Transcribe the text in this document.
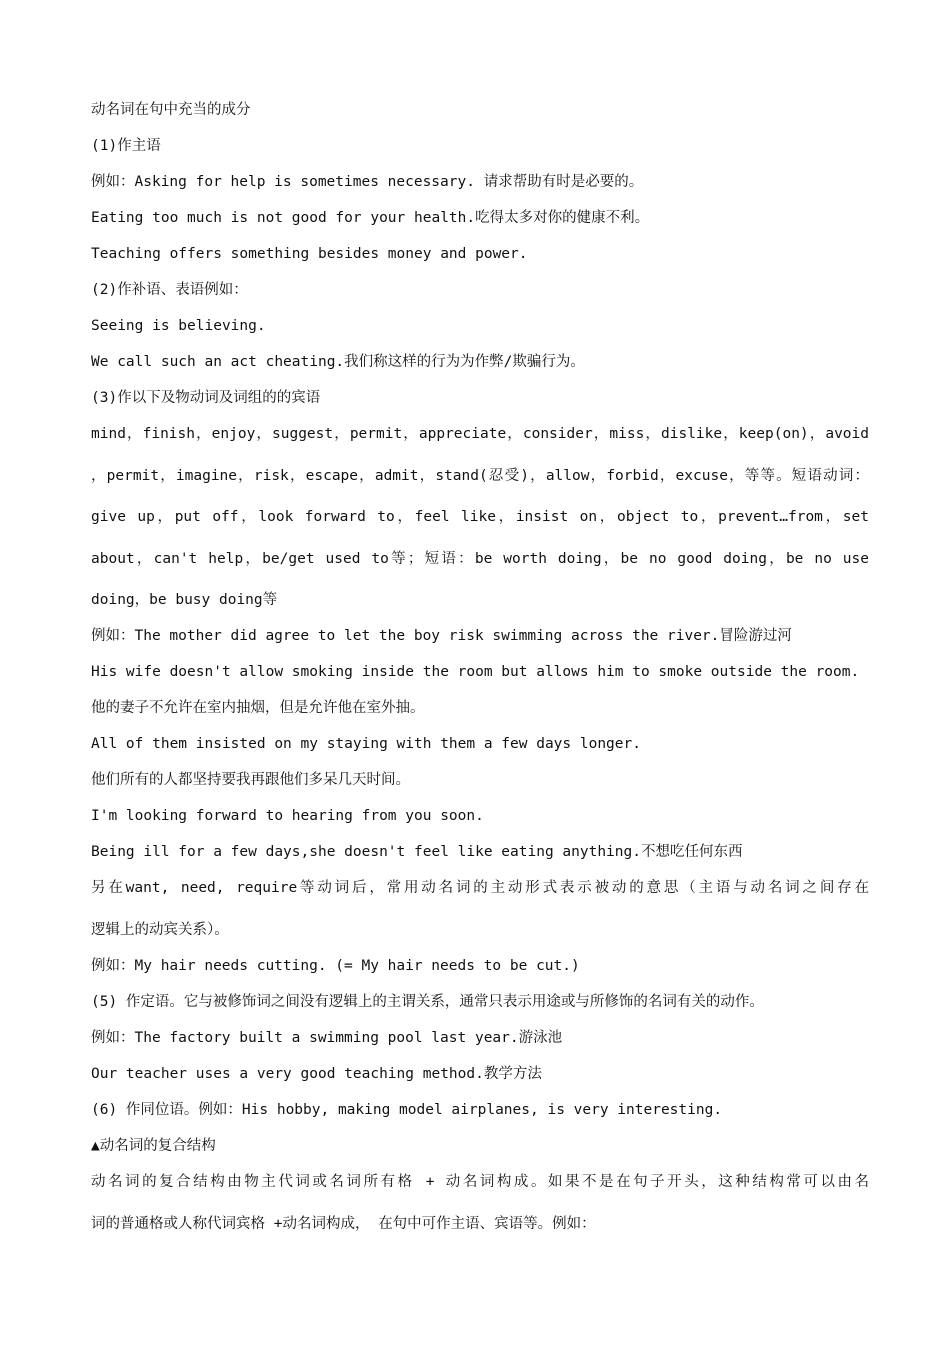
动名词在句中充当的成分
(1)作主语
例如：Asking for help is sometimes necessary. 请求帮助有时是必要的。
Eating too much is not good for your health.吃得太多对你的健康不利。
Teaching offers something besides money and power.
(2)作补语、表语例如：
Seeing is believing.
We call such an act cheating.我们称这样的行为为作弊/欺骗行为。
(3)作以下及物动词及词组的的宾语
mind，finish，enjoy，suggest，permit，appreciate，consider，miss，dislike，keep(on)，avoid
，permit，imagine，risk，escape，admit，stand(忍受)，allow，forbid，excuse，等等。短语动词：
give up，put off，look forward to，feel like，insist on，object to，prevent…from，set
about，can't help，be/get used to等；短语：be worth doing，be no good doing，be no use
doing，be busy doing等
例如：The mother did agree to let the boy risk swimming across the river.冒险游过河
His wife doesn't allow smoking inside the room but allows him to smoke outside the room.
他的妻子不允许在室内抽烟，但是允许他在室外抽。
All of them insisted on my staying with them a few days longer.
他们所有的人都坚持要我再跟他们多呆几天时间。
I'm looking forward to hearing from you soon.
Being ill for a few days,she doesn't feel like eating anything.不想吃任何东西
另在want, need, require等动词后，常用动名词的主动形式表示被动的意思（主语与动名词之间存在
逻辑上的动宾关系）。
例如：My hair needs cutting. (= My hair needs to be cut.)
(5) 作定语。它与被修饰词之间没有逻辑上的主谓关系，通常只表示用途或与所修饰的名词有关的动作。
例如：The factory built a swimming pool last year.游泳池
Our teacher uses a very good teaching method.教学方法
(6) 作同位语。例如：His hobby, making model airplanes, is very interesting.
▲动名词的复合结构
动名词的复合结构由物主代词或名词所有格 + 动名词构成。如果不是在句子开头，这种结构常可以由名
词的普通格或人称代词宾格 +动名词构成， 在句中可作主语、宾语等。例如：
